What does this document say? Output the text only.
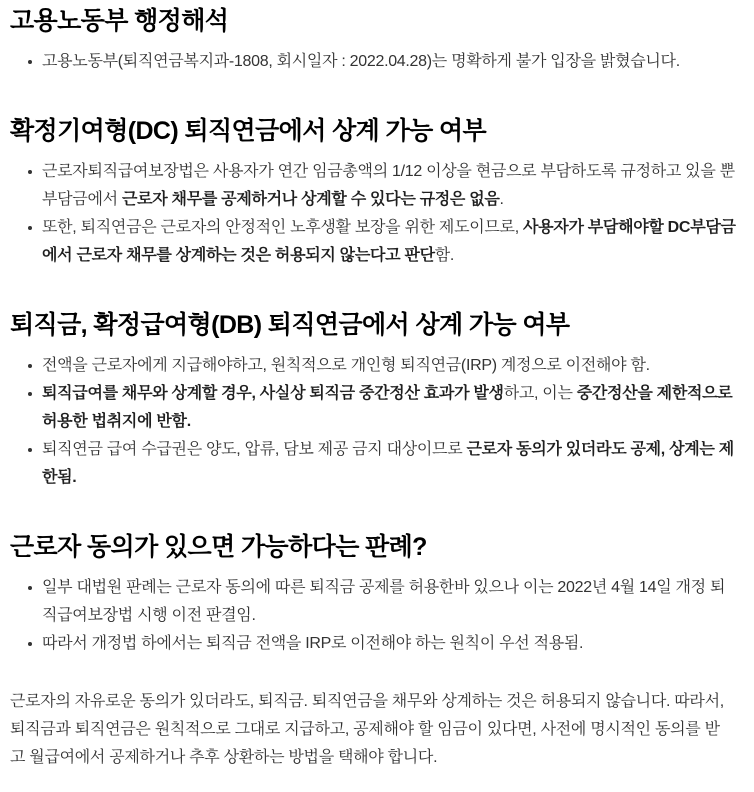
고용노동부 행정해석
고용노동부(퇴직연금복지과-1808, 회시일자 : 2022.04.28)는 명확하게 불가 입장을 밝혔습니다.
확정기여형(DC) 퇴직연금에서 상계 가능 여부
근로자퇴직급여보장법은 사용자가 연간 임금총액의 1/12 이상을 현금으로 부담하도록 규정하고 있을 뿐 부담금에서 근로자 채무를 공제하거나 상계할 수 있다는 규정은 없음.
또한, 퇴직연금은 근로자의 안정적인 노후생활 보장을 위한 제도이므로, 사용자가 부담해야할 DC부담금에서 근로자 채무를 상계하는 것은 허용되지 않는다고 판단함.
퇴직금, 확정급여형(DB) 퇴직연금에서 상계 가능 여부
전액을 근로자에게 지급해야하고, 원칙적으로 개인형 퇴직연금(IRP) 계정으로 이전해야 함.
퇴직급여를 채무와 상계할 경우, 사실상 퇴직금 중간정산 효과가 발생하고, 이는 중간정산을 제한적으로 허용한 법취지에 반함.
퇴직연금 급여 수급권은 양도, 압류, 담보 제공 금지 대상이므로 근로자 동의가 있더라도 공제, 상계는 제한됨.
근로자 동의가 있으면 가능하다는 판례?
일부 대법원 판례는 근로자 동의에 따른 퇴직금 공제를 허용한바 있으나 이는 2022년 4월 14일 개정 퇴직급여보장법 시행 이전 판결임.
따라서 개정법 하에서는 퇴직금 전액을 IRP로 이전해야 하는 원칙이 우선 적용됨.

근로자의 자유로운 동의가 있더라도, 퇴직금. 퇴직연금을 채무와 상계하는 것은 허용되지 않습니다. 따라서, 퇴직금과 퇴직연금은 원칙적으로 그대로 지급하고, 공제해야 할 임금이 있다면, 사전에 명시적인 동의를 받고 월급여에서 공제하거나 추후 상환하는 방법을 택해야 합니다.
